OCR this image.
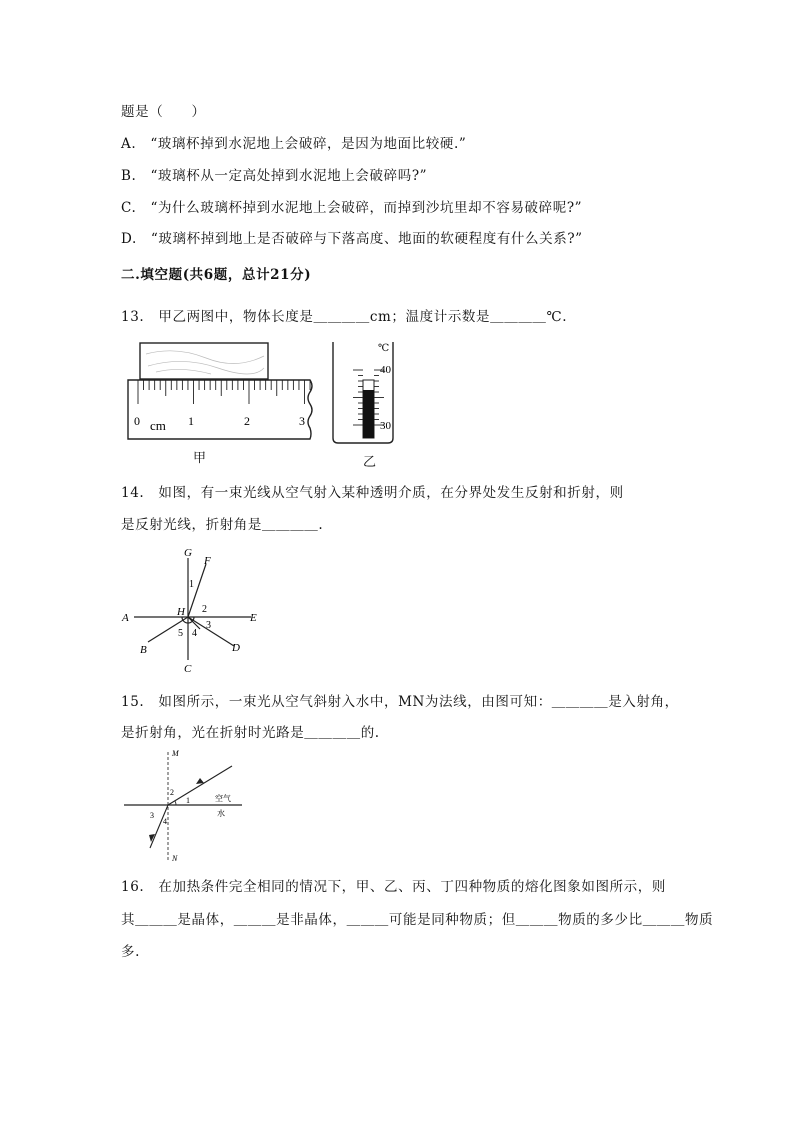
题是（　　）
A.　“玻璃杯掉到水泥地上会破碎，是因为地面比较硬.”
B.　“玻璃杯从一定高处掉到水泥地上会破碎吗?”
C.　“为什么玻璃杯掉到水泥地上会破碎，而掉到沙坑里却不容易破碎呢?”
D.　“玻璃杯掉到地上是否破碎与下落高度、地面的软硬程度有什么关系?”
二.填空题(共6题，总计21分)
13.　甲乙两图中，物体长度是＿＿＿＿cm；温度计示数是＿＿＿＿℃.
0	1	2	3
cm
甲
℃
40
30
乙
14.　如图，有一束光线从空气射入某种透明介质，在分界处发生反射和折射，则
是反射光线，折射角是＿＿＿＿.
G
F
A	E
H
B
C
D
1
2
3
4
5
15.　如图所示，一束光从空气斜射入水中，MN为法线，由图可知：＿＿＿＿是入射角，
是折射角，光在折射时光路是＿＿＿＿的.
M
N
空气
水
2
1
3
4
16.　在加热条件完全相同的情况下，甲、乙、丙、丁四种物质的熔化图象如图所示，则
其＿＿＿是晶体，＿＿＿是非晶体，＿＿＿可能是同种物质；但＿＿＿物质的多少比＿＿＿物质
多.
